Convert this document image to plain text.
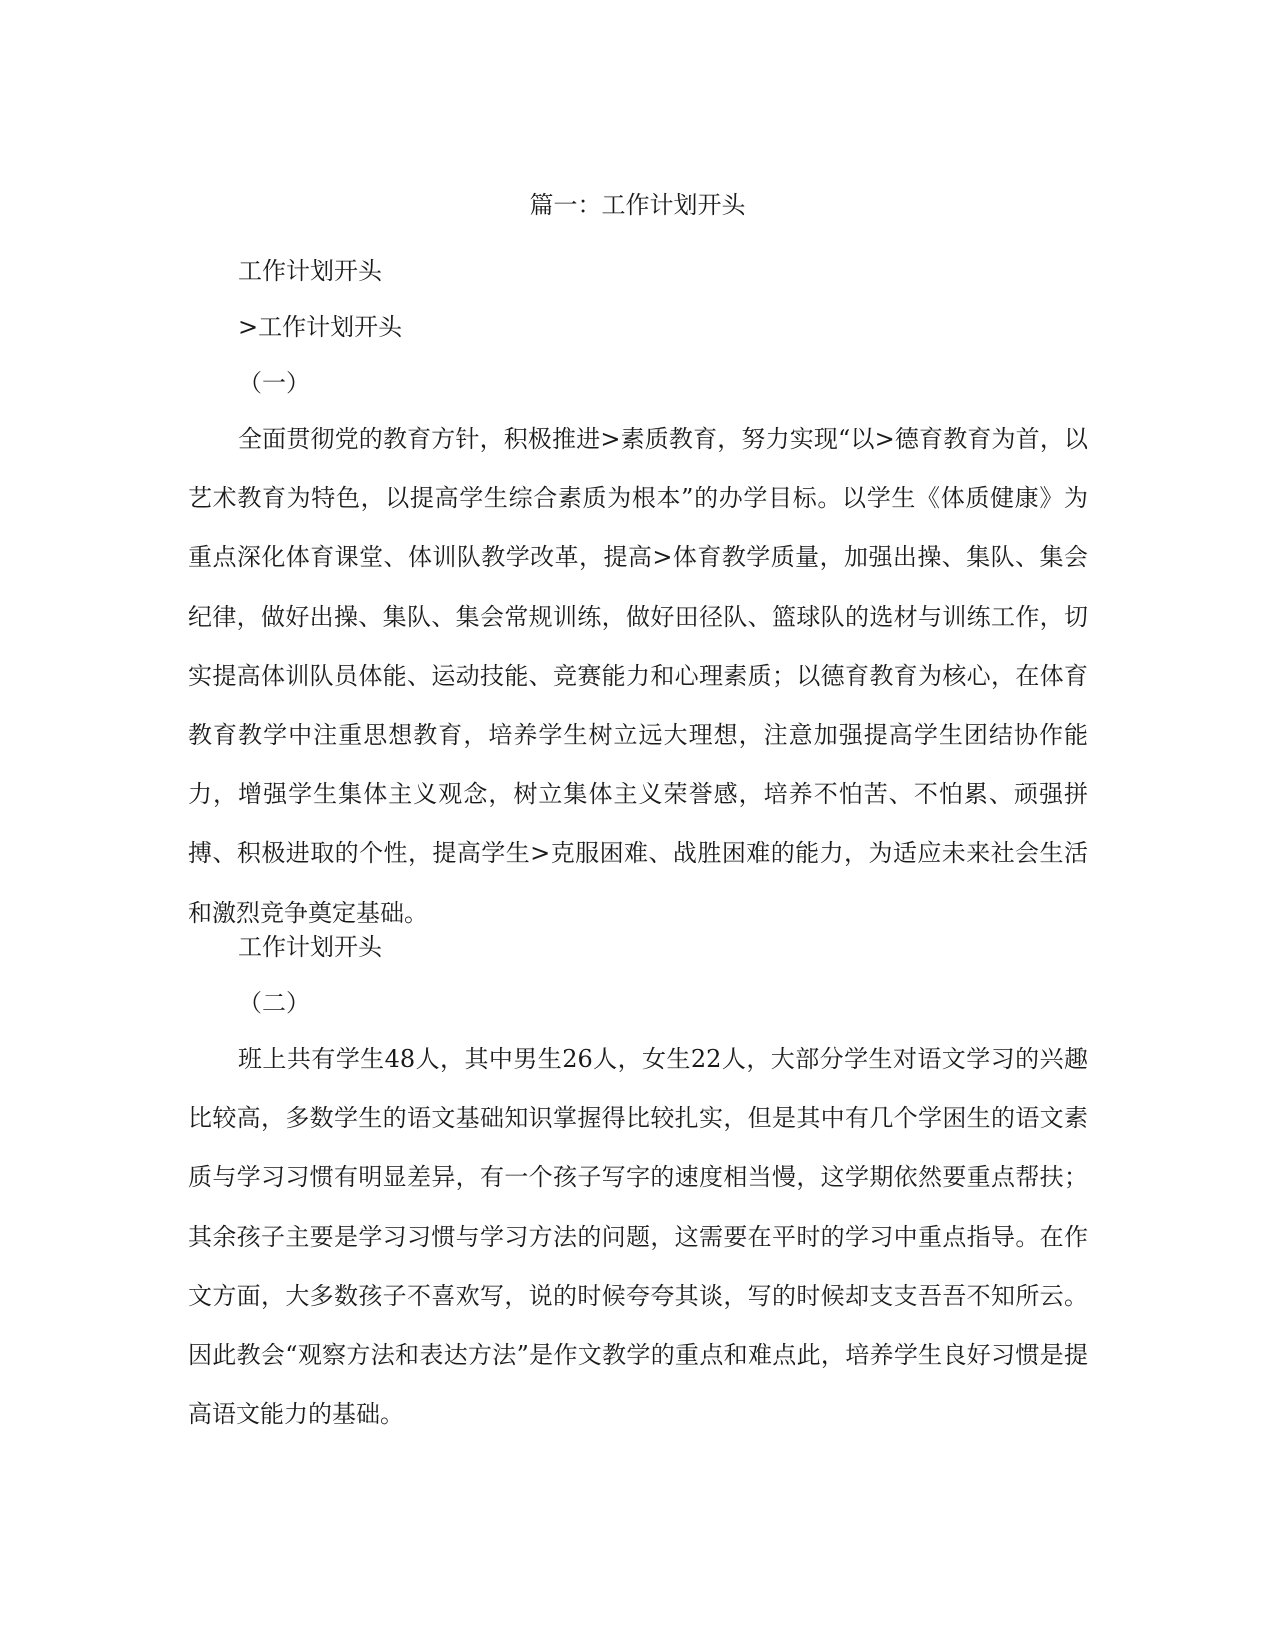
篇一：工作计划开头
工作计划开头
>工作计划开头
（一）
全面贯彻党的教育方针，积极推进>素质教育，努力实现“以>德育教育为首，以艺术教育为特色，以提高学生综合素质为根本”的办学目标。以学生《体质健康》为重点深化体育课堂、体训队教学改革，提高>体育教学质量，加强出操、集队、集会纪律，做好出操、集队、集会常规训练，做好田径队、篮球队的选材与训练工作，切实提高体训队员体能、运动技能、竞赛能力和心理素质；以德育教育为核心，在体育教育教学中注重思想教育，培养学生树立远大理想，注意加强提高学生团结协作能力，增强学生集体主义观念，树立集体主义荣誉感，培养不怕苦、不怕累、顽强拼搏、积极进取的个性，提高学生>克服困难、战胜困难的能力，为适应未来社会生活和激烈竞争奠定基础。
工作计划开头
（二）
班上共有学生48人，其中男生26人，女生22人，大部分学生对语文学习的兴趣比较高，多数学生的语文基础知识掌握得比较扎实，但是其中有几个学困生的语文素质与学习习惯有明显差异，有一个孩子写字的速度相当慢，这学期依然要重点帮扶；其余孩子主要是学习习惯与学习方法的问题，这需要在平时的学习中重点指导。在作文方面，大多数孩子不喜欢写，说的时候夸夸其谈，写的时候却支支吾吾不知所云。因此教会“观察方法和表达方法”是作文教学的重点和难点此，培养学生良好习惯是提高语文能力的基础。
